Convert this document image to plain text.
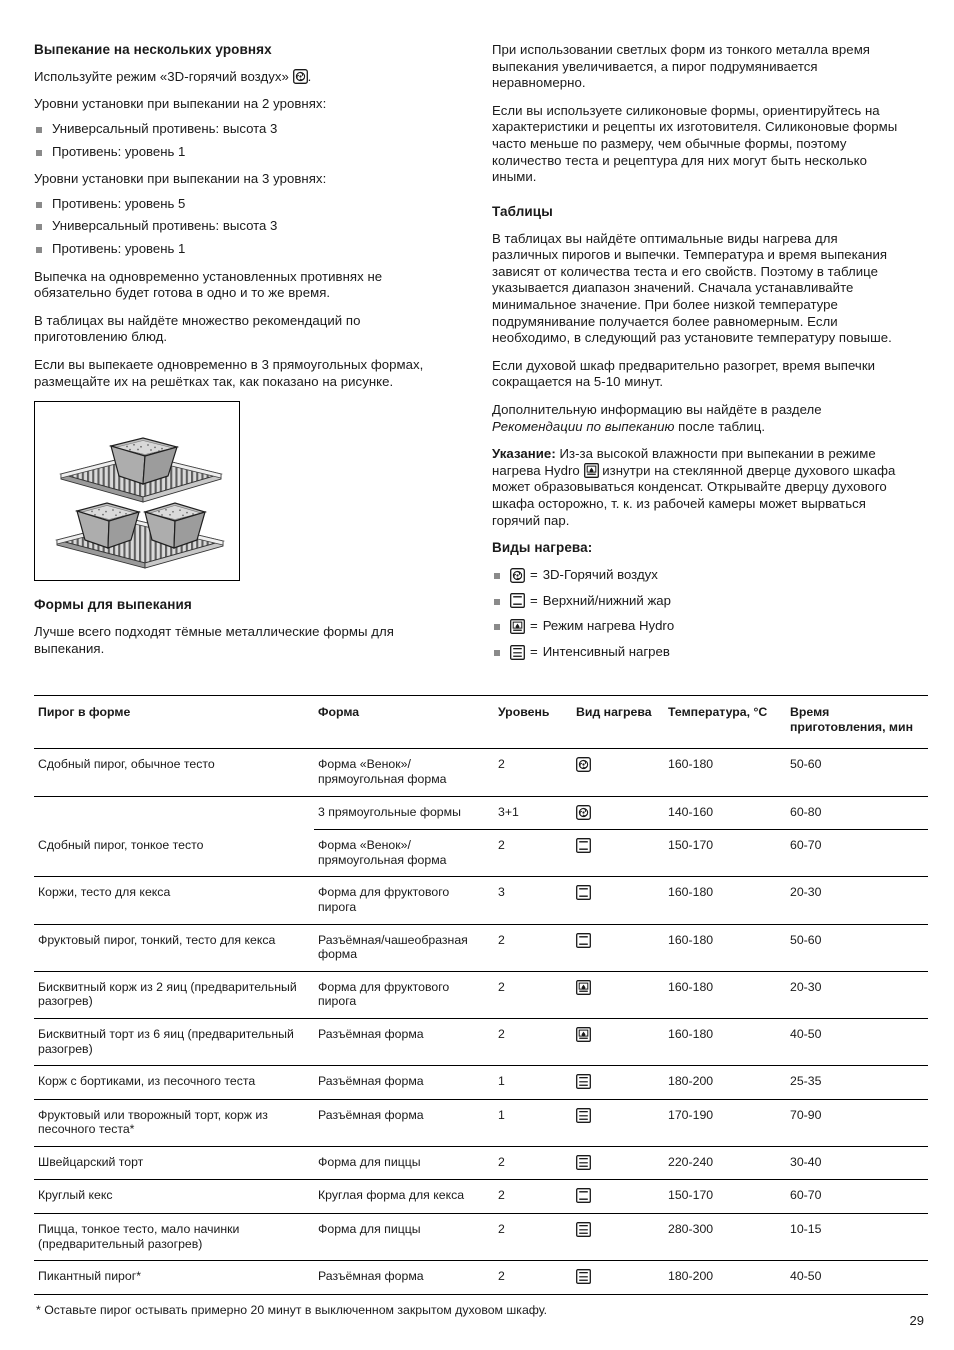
Выпекание на нескольких уровнях

Используйте режим «3D-горячий воздух» .

Уровни установки при выпекании на 2 уровнях:

Универсальный противень: высота 3
Противень: уровень 1

Уровни установки при выпекании на 3 уровнях:

Противень: уровень 5
Универсальный противень: высота 3
Противень: уровень 1

Выпечка на одновременно установленных противнях не обязательно будет готова в одно и то же время.

В таблицах вы найдёте множество рекомендаций по приготовлению блюд.

Если вы выпекаете одновременно в 3 прямоугольных формах, размещайте их на решётках так, как показано на рисунке.

Формы для выпекания

Лучше всего подходят тёмные металлические формы для выпекания.

При использовании светлых форм из тонкого металла время выпекания увеличивается, а пирог подрумянивается неравномерно.

Если вы используете силиконовые формы, ориентируйтесь на характеристики и рецепты их изготовителя. Силиконовые формы часто меньше по размеру, чем обычные формы, поэтому количество теста и рецептура для них могут быть несколько иными.

Таблицы

В таблицах вы найдёте оптимальные виды нагрева для различных пирогов и выпечки. Температура и время выпекания зависят от количества теста и его свойств. Поэтому в таблице указывается диапазон значений. Сначала устанавливайте минимальное значение. При более низкой температуре подрумянивание получается более равномерным. Если необходимо, в следующий раз установите температуру повыше.

Если духовой шкаф предварительно разогрет, время выпечки сокращается на 5-10 минут.

Дополнительную информацию вы найдёте в разделе Рекомендации по выпеканию после таблиц.

Указание: Из-за высокой влажности при выпекании в режиме нагрева Hydro
изнутри на стеклянной дверце духового шкафа может образовываться конденсат. Открывайте дверцу духового шкафа осторожно, т. к. из рабочей камеры может вырваться горячий пар.

Виды нагрева:
= 3D-Горячий воздух
= Верхний/нижний жар
= Режим нагрева Hydro
= Интенсивный нагрев
Пирог в форме	Форма	Уровень	Вид нагрева	Температура, °C	Время приготовления, мин
Сдобный пирог, обычное тесто	Форма «Венок»/прямоугольная форма	2		160-180	50-60
	3 прямоугольные формы	3+1		140-160	60-80
Сдобный пирог, тонкое тесто	Форма «Венок»/прямоугольная форма	2		150-170	60-70
Коржи, тесто для кекса	Форма для фруктового пирога	3		160-180	20-30
Фруктовый пирог, тонкий, тесто для кекса	Разъёмная/чашеобразная форма	2		160-180	50-60
Бисквитный корж из 2 яиц (предварительный разогрев)	Форма для фруктового пирога	2		160-180	20-30
Бисквитный торт из 6 яиц (предварительный разогрев)	Разъёмная форма	2		160-180	40-50
Корж с бортиками, из песочного теста	Разъёмная форма	1		180-200	25-35
Фруктовый или творожный торт, корж из песочного теста*	Разъёмная форма	1		170-190	70-90
Швейцарский торт	Форма для пиццы	2		220-240	30-40
Круглый кекс	Круглая форма для кекса	2		150-170	60-70
Пицца, тонкое тесто, мало начинки (предварительный разогрев)	Форма для пиццы	2		280-300	10-15
Пикантный пирог*	Разъёмная форма	2		180-200	40-50
* Оставьте пирог остывать примерно 20 минут в выключенном закрытом духовом шкафу.
29
